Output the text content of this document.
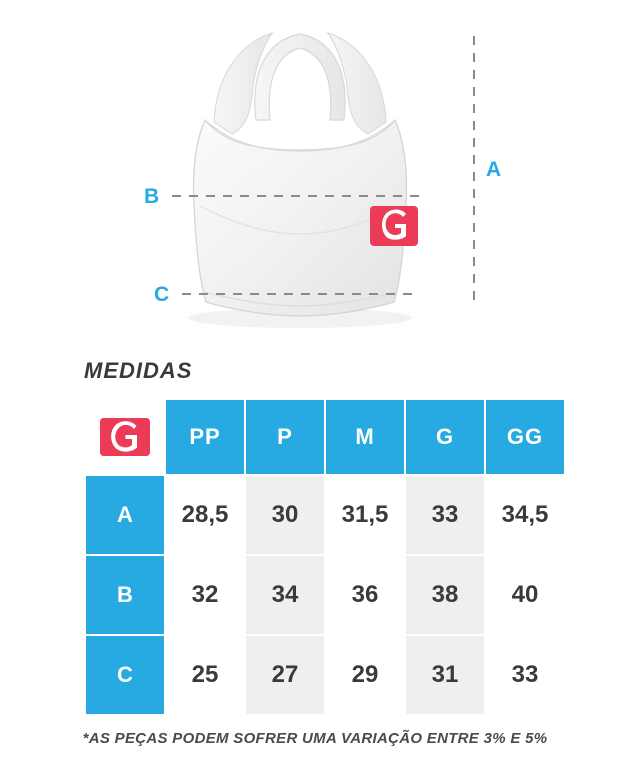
A
B
C
MEDIDAS
	PP	P	M	G	GG
A	28,5	30	31,5	33	34,5
B	32	34	36	38	40
C	25	27	29	31	33
*AS PEÇAS PODEM SOFRER UMA VARIAÇÃO ENTRE 3% E 5%
